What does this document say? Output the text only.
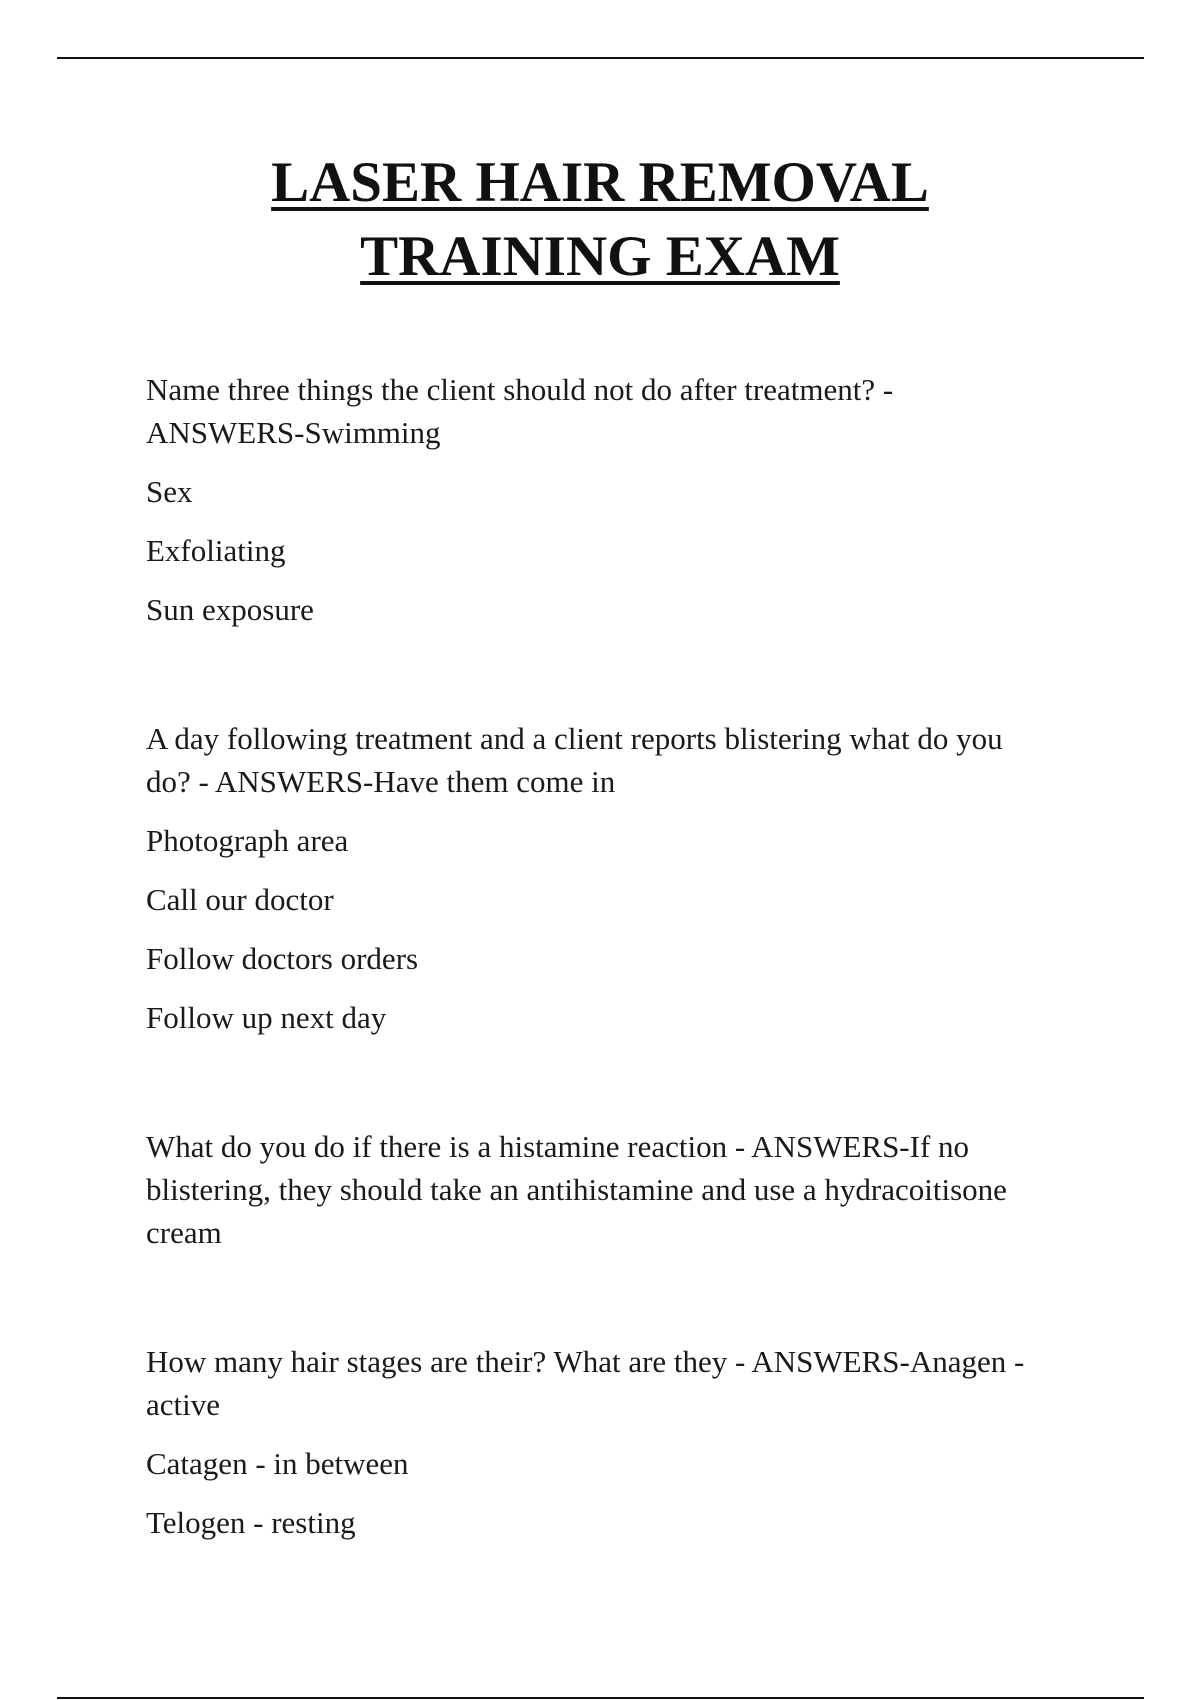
LASER HAIR REMOVAL
TRAINING EXAM

Name three things the client should not do after treatment? - ANSWERS-Swimming

Sex

Exfoliating

Sun exposure

A day following treatment and a client reports blistering what do you do? - ANSWERS-Have them come in

Photograph area

Call our doctor

Follow doctors orders

Follow up next day

What do you do if there is a histamine reaction - ANSWERS-If no blistering, they should take an antihistamine and use a hydracoitisone cream

How many hair stages are their? What are they - ANSWERS-Anagen - active

Catagen - in between

Telogen - resting
